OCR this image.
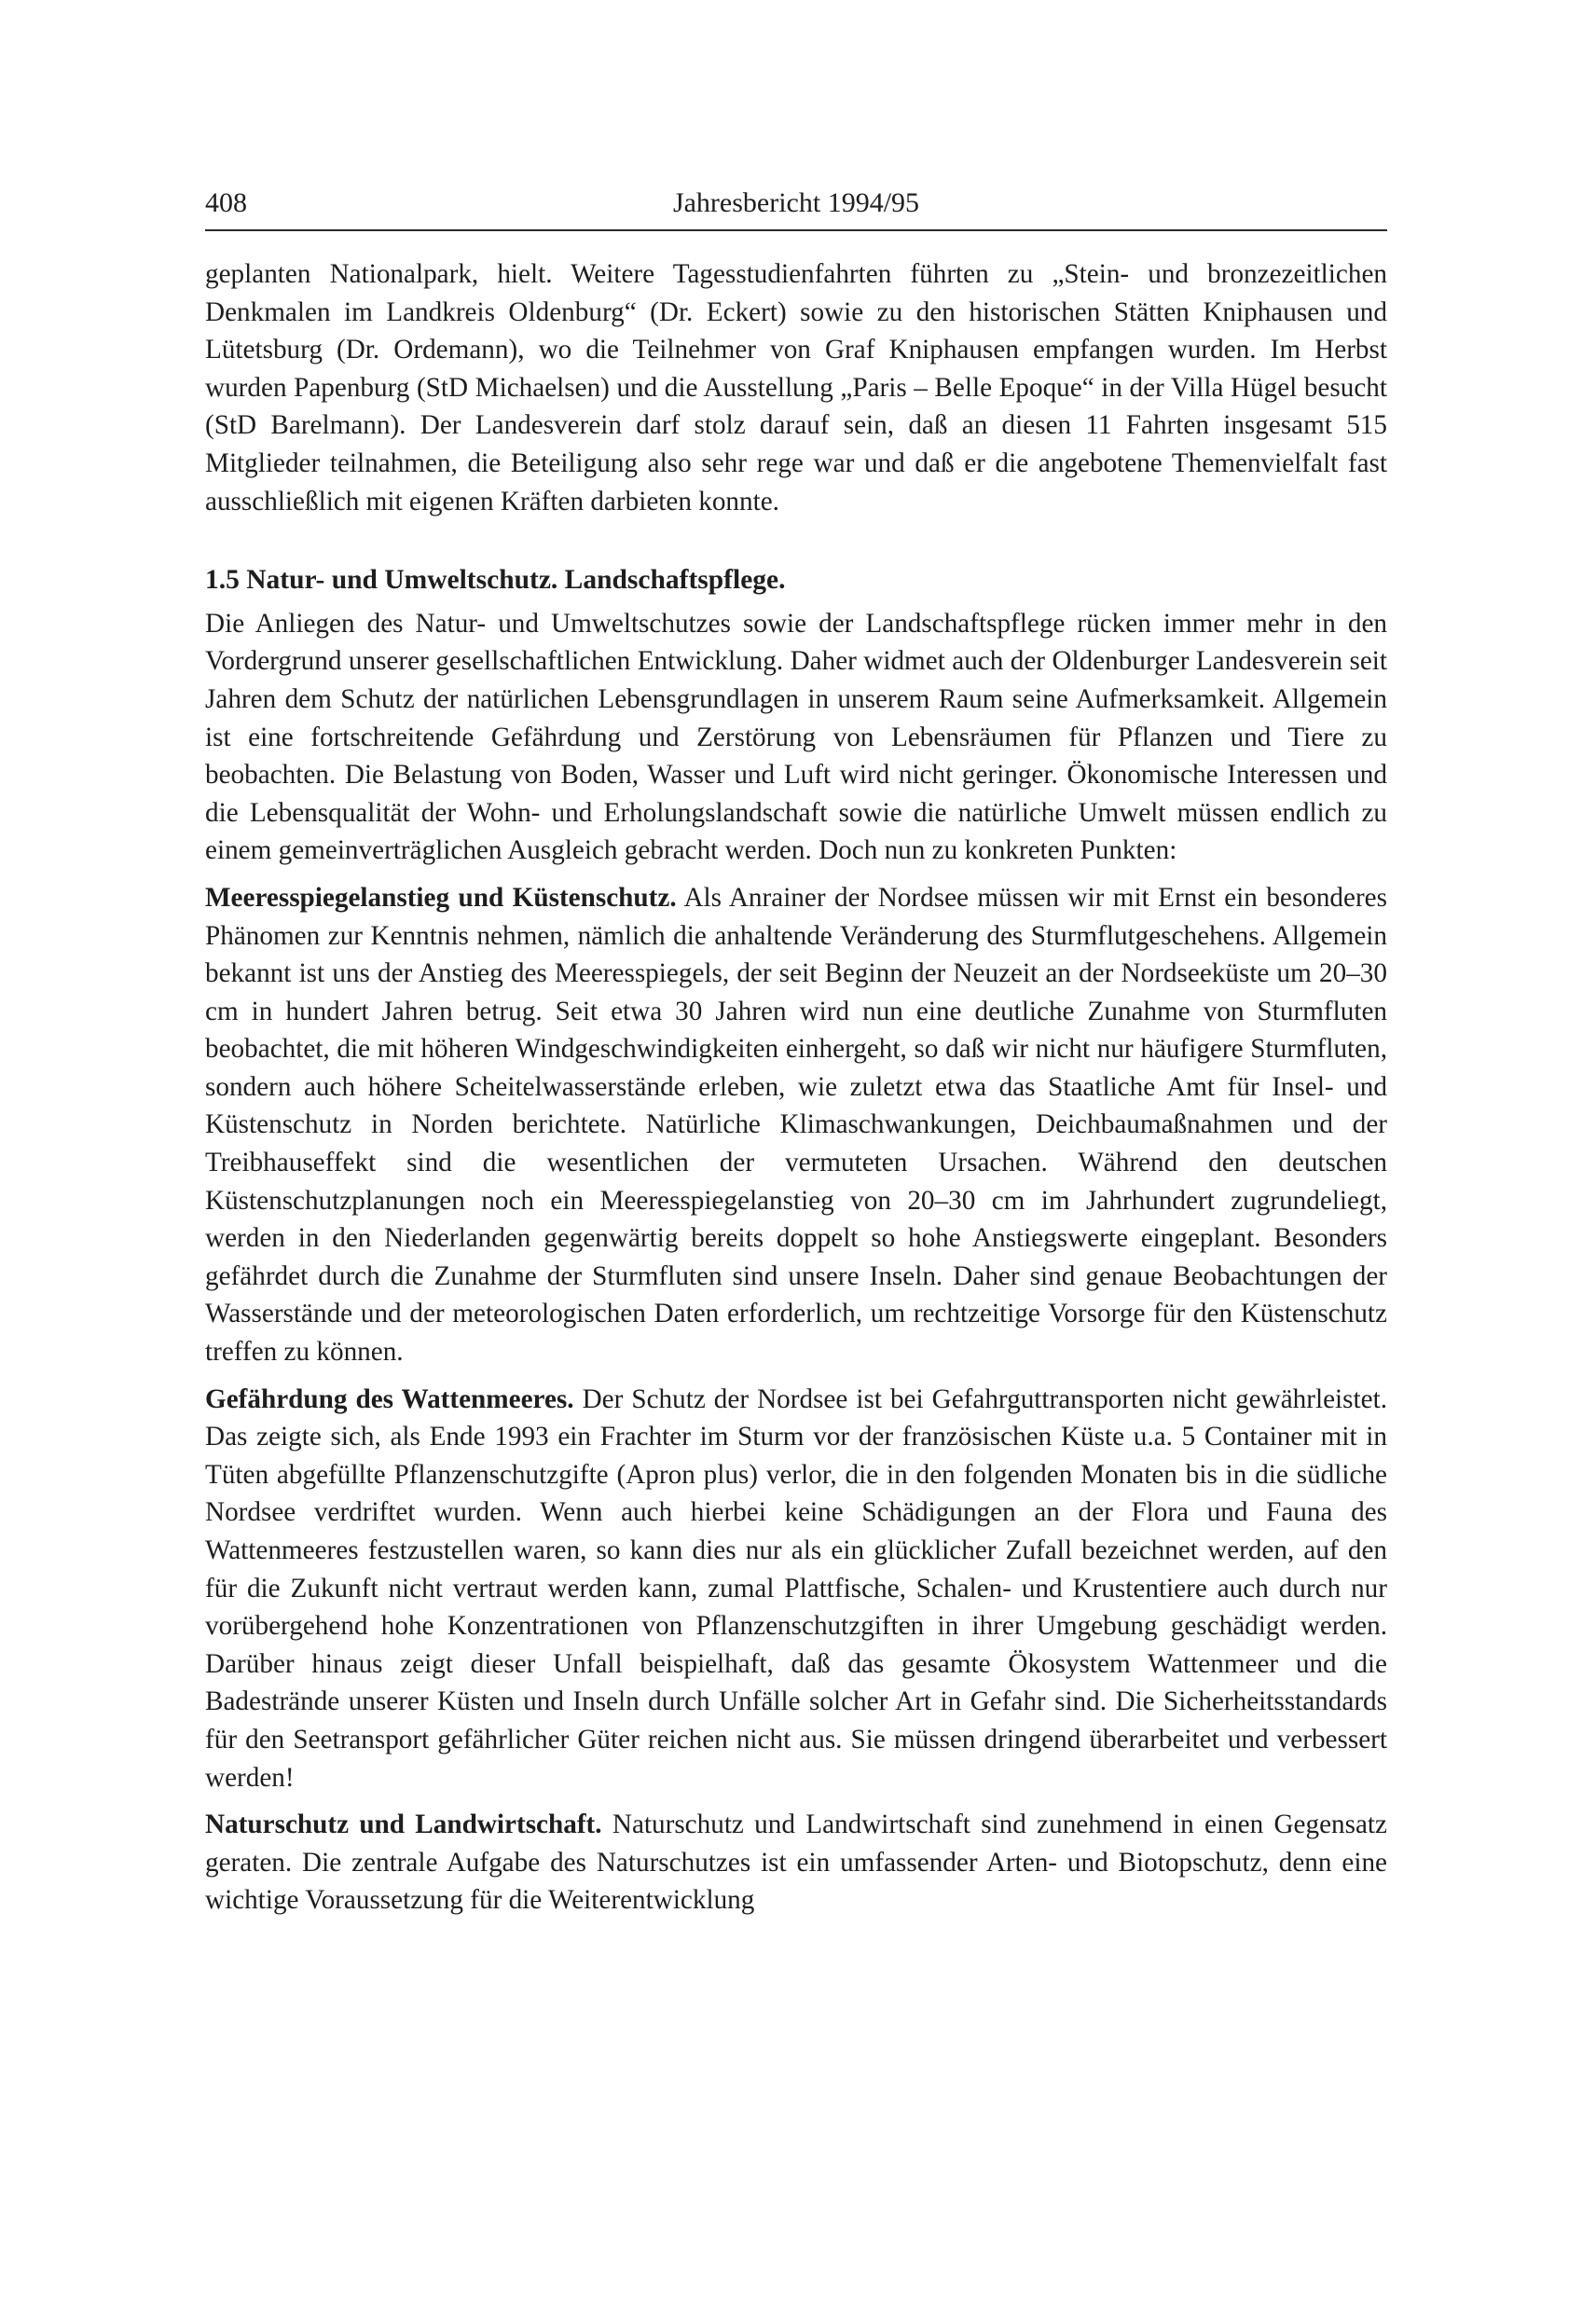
408	Jahresbericht 1994/95

geplanten Nationalpark, hielt. Weitere Tagesstudienfahrten führten zu „Stein- und bronzezeitlichen Denkmalen im Landkreis Oldenburg“ (Dr. Eckert) sowie zu den historischen Stätten Kniphausen und Lütetsburg (Dr. Ordemann), wo die Teilnehmer von Graf Kniphausen empfangen wurden. Im Herbst wurden Papenburg (StD Michaelsen) und die Ausstellung „Paris – Belle Epoque“ in der Villa Hügel besucht (StD Barelmann). Der Landesverein darf stolz darauf sein, daß an diesen 11 Fahrten insgesamt 515 Mitglieder teilnahmen, die Beteiligung also sehr rege war und daß er die angebotene Themenvielfalt fast ausschließlich mit eigenen Kräften darbieten konnte.

1.5 Natur- und Umweltschutz. Landschaftspflege.

Die Anliegen des Natur- und Umweltschutzes sowie der Landschaftspflege rücken immer mehr in den Vordergrund unserer gesellschaftlichen Entwicklung. Daher widmet auch der Oldenburger Landesverein seit Jahren dem Schutz der natürlichen Lebensgrundlagen in unserem Raum seine Aufmerksamkeit. Allgemein ist eine fortschreitende Gefährdung und Zerstörung von Lebensräumen für Pflanzen und Tiere zu beobachten. Die Belastung von Boden, Wasser und Luft wird nicht geringer. Ökonomische Interessen und die Lebensqualität der Wohn- und Erholungslandschaft sowie die natürliche Umwelt müssen endlich zu einem gemeinverträglichen Ausgleich gebracht werden. Doch nun zu konkreten Punkten:

Meeresspiegelanstieg und Küstenschutz. Als Anrainer der Nordsee müssen wir mit Ernst ein besonderes Phänomen zur Kenntnis nehmen, nämlich die anhaltende Veränderung des Sturmflutgeschehens. Allgemein bekannt ist uns der Anstieg des Meeresspiegels, der seit Beginn der Neuzeit an der Nordseeküste um 20–30 cm in hundert Jahren betrug. Seit etwa 30 Jahren wird nun eine deutliche Zunahme von Sturmfluten beobachtet, die mit höheren Windgeschwindigkeiten einhergeht, so daß wir nicht nur häufigere Sturmfluten, sondern auch höhere Scheitelwasserstände erleben, wie zuletzt etwa das Staatliche Amt für Insel- und Küstenschutz in Norden berichtete. Natürliche Klimaschwankungen, Deichbaumaßnahmen und der Treibhauseffekt sind die wesentlichen der vermuteten Ursachen. Während den deutschen Küstenschutzplanungen noch ein Meeresspiegelanstieg von 20–30 cm im Jahrhundert zugrundeliegt, werden in den Niederlanden gegenwärtig bereits doppelt so hohe Anstiegswerte eingeplant. Besonders gefährdet durch die Zunahme der Sturmfluten sind unsere Inseln. Daher sind genaue Beobachtungen der Wasserstände und der meteorologischen Daten erforderlich, um rechtzeitige Vorsorge für den Küstenschutz treffen zu können.

Gefährdung des Wattenmeeres. Der Schutz der Nordsee ist bei Gefahrguttransporten nicht gewährleistet. Das zeigte sich, als Ende 1993 ein Frachter im Sturm vor der französischen Küste u.a. 5 Container mit in Tüten abgefüllte Pflanzenschutzgifte (Apron plus) verlor, die in den folgenden Monaten bis in die südliche Nordsee verdriftet wurden. Wenn auch hierbei keine Schädigungen an der Flora und Fauna des Wattenmeeres festzustellen waren, so kann dies nur als ein glücklicher Zufall bezeichnet werden, auf den für die Zukunft nicht vertraut werden kann, zumal Plattfische, Schalen- und Krustentiere auch durch nur vorübergehend hohe Konzentrationen von Pflanzenschutzgiften in ihrer Umgebung geschädigt werden. Darüber hinaus zeigt dieser Unfall beispielhaft, daß das gesamte Ökosystem Wattenmeer und die Badestrände unserer Küsten und Inseln durch Unfälle solcher Art in Gefahr sind. Die Sicherheitsstandards für den Seetransport gefährlicher Güter reichen nicht aus. Sie müssen dringend überarbeitet und verbessert werden!

Naturschutz und Landwirtschaft. Naturschutz und Landwirtschaft sind zunehmend in einen Gegensatz geraten. Die zentrale Aufgabe des Naturschutzes ist ein umfassender Arten- und Biotopschutz, denn eine wichtige Voraussetzung für die Weiterentwicklung
